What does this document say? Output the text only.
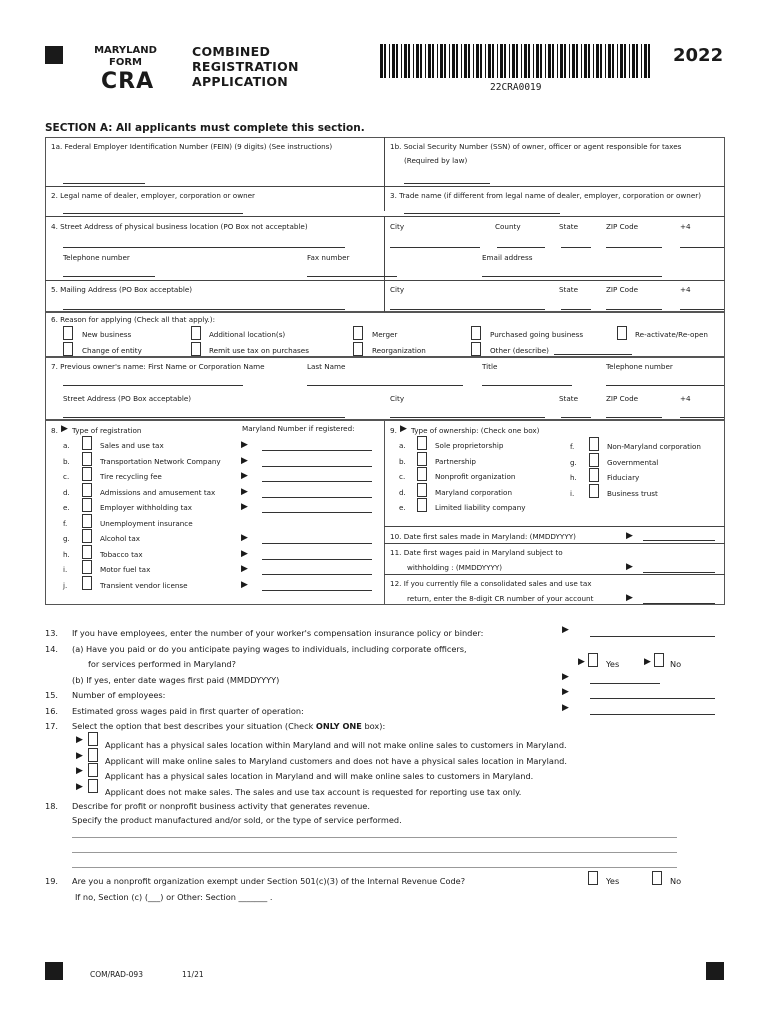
MARYLAND
FORM
CRA
COMBINED
REGISTRATION
APPLICATION	22CRA0019
2022
SECTION A: All applicants must complete this section.
1a. Federal Employer Identification Number (FEIN) (9 digits) (See instructions)	1b. Social Security Number (SSN) of owner, officer or agent responsible for taxes
(Required by law)
2. Legal name of dealer, employer, corporation or owner	3. Trade name (if different from legal name of dealer, employer, corporation or owner)
4. Street Address of physical business location (PO Box not acceptable)	City	County	State	ZIP Code	+4
Telephone number	Fax number	Email address
5. Mailing Address (PO Box acceptable)	City	State	ZIP Code	+4
6. Reason for applying (Check all that apply.):
New business	Additional location(s)	Merger	Purchased going business	Re-activate/Re-open
Change of entity	Remit use tax on purchases	Reorganization	Other (describe)
7. Previous owner's name: First Name or Corporation Name	Last Name	Title	Telephone number
Street Address (PO Box acceptable)	City	State	ZIP Code	+4
8. ▶ Type of registration	Maryland Number if registered:
a.	Sales and use tax	▶
b.	Transportation Network Company ▶
c.	Tire recycling fee	▶
d.	Admissions and amusement tax	▶
e.	Employer withholding tax	▶
f.	Unemployment insurance
g.	Alcohol tax	▶
h.	Tobacco tax	▶
i.	Motor fuel tax	▶
j.	Transient vendor license	▶
9. ▶ Type of ownership: (Check one box)
a.	Sole proprietorship
b.	Partnership
c.	Nonprofit organization
d.	Maryland corporation
e.	Limited liability company
f.	Non-Maryland corporation
g.	Governmental
h.	Fiduciary
i.	Business trust
10. Date first sales made in Maryland: (MMDDYYYY)	▶
11. Date first wages paid in Maryland subject to
withholding : (MMDDYYYY)	▶
12. If you currently file a consolidated sales and use tax
return, enter the 8-digit CR number of your account	▶
13. If you have employees, enter the number of your worker's compensation insurance policy or binder:	▶
14. (a) Have you paid or do you anticipate paying wages to individuals, including corporate officers,
for services performed in Maryland?	▶	Yes	▶ No
(b) If yes, enter date wages first paid (MMDDYYYY)	▶
15. Number of employees:	▶
16. Estimated gross wages paid in first quarter of operation:	▶
17. Select the option that best describes your situation (Check ONLY ONE box):
▶	Applicant has a physical sales location within Maryland and will not make online sales to customers in Maryland.
▶	Applicant will make online sales to Maryland customers and does not have a physical sales location in Maryland.
▶	Applicant has a physical sales location in Maryland and will make online sales to customers in Maryland.
▶	Applicant does not make sales. The sales and use tax account is requested for reporting use tax only.
18. Describe for profit or nonprofit business activity that generates revenue.
Specify the product manufactured and/or sold, or the type of service performed.
19. Are you a nonprofit organization exempt under Section 501(c)(3) of the Internal Revenue Code?	Yes	No
If no, Section (c) (___) or Other: Section _______ .
COM/RAD-093	11/21
